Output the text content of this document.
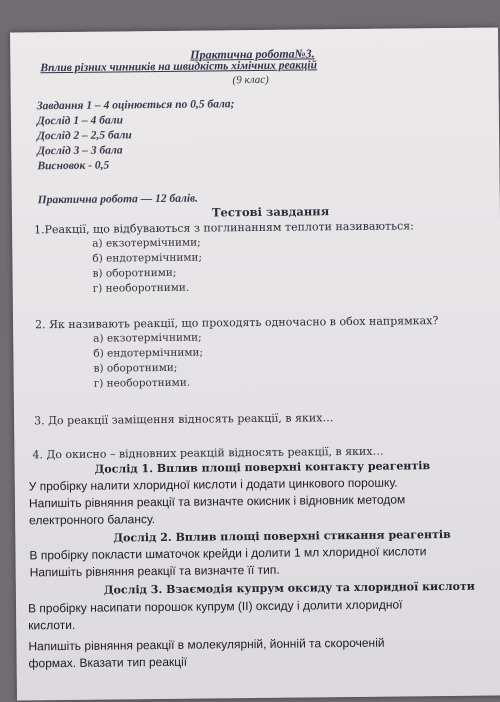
Практична робота№3.
Вплив різних чинників на швидкість хімічних реакцій
(9 клас)
Завдання 1 – 4 оцінюється по 0,5 бала;
Дослід 1 – 4 бали
Дослід 2 – 2,5 бали
Дослід 3 – 3 бала
Висновок - 0,5
Практична робота — 12 балів.
Тестові завдання
1.Реакції, що відбуваються з поглинанням теплоти називаються:
а) екзотермічними;
б) ендотермічними;
в) оборотними;
г) необоротними.
2. Як називають реакції, що проходять одночасно в обох напрямках?
а) екзотермічними;
б) ендотермічними;
в) оборотними;
г) необоротними.
3. До реакції заміщення відносять реакції, в яких…
4. До окисно – відновних реакцій відносять реакції, в яких…
Дослід 1. Вплив площі поверхні контакту реагентів
У пробірку налити хлоридної кислоти і додати цинкового порошку.
Напишіть рівняння реакції та визначте окисник і відновник методом
електронного балансу.
Дослід 2. Вплив площі поверхні стикання реагентів
В пробірку покласти шматочок крейди і долити 1 мл хлоридної кислоти
Напишіть рівняння реакції та визначте її тип.
Дослід 3. Взаємодія купрум оксиду та хлоридної кислоти
В пробірку насипати порошок купрум (ІІ) оксиду і долити хлоридної
кислоти.
Напишіть рівняння реакції в молекулярній, йонній та скороченій
формах. Вказати тип реакції
